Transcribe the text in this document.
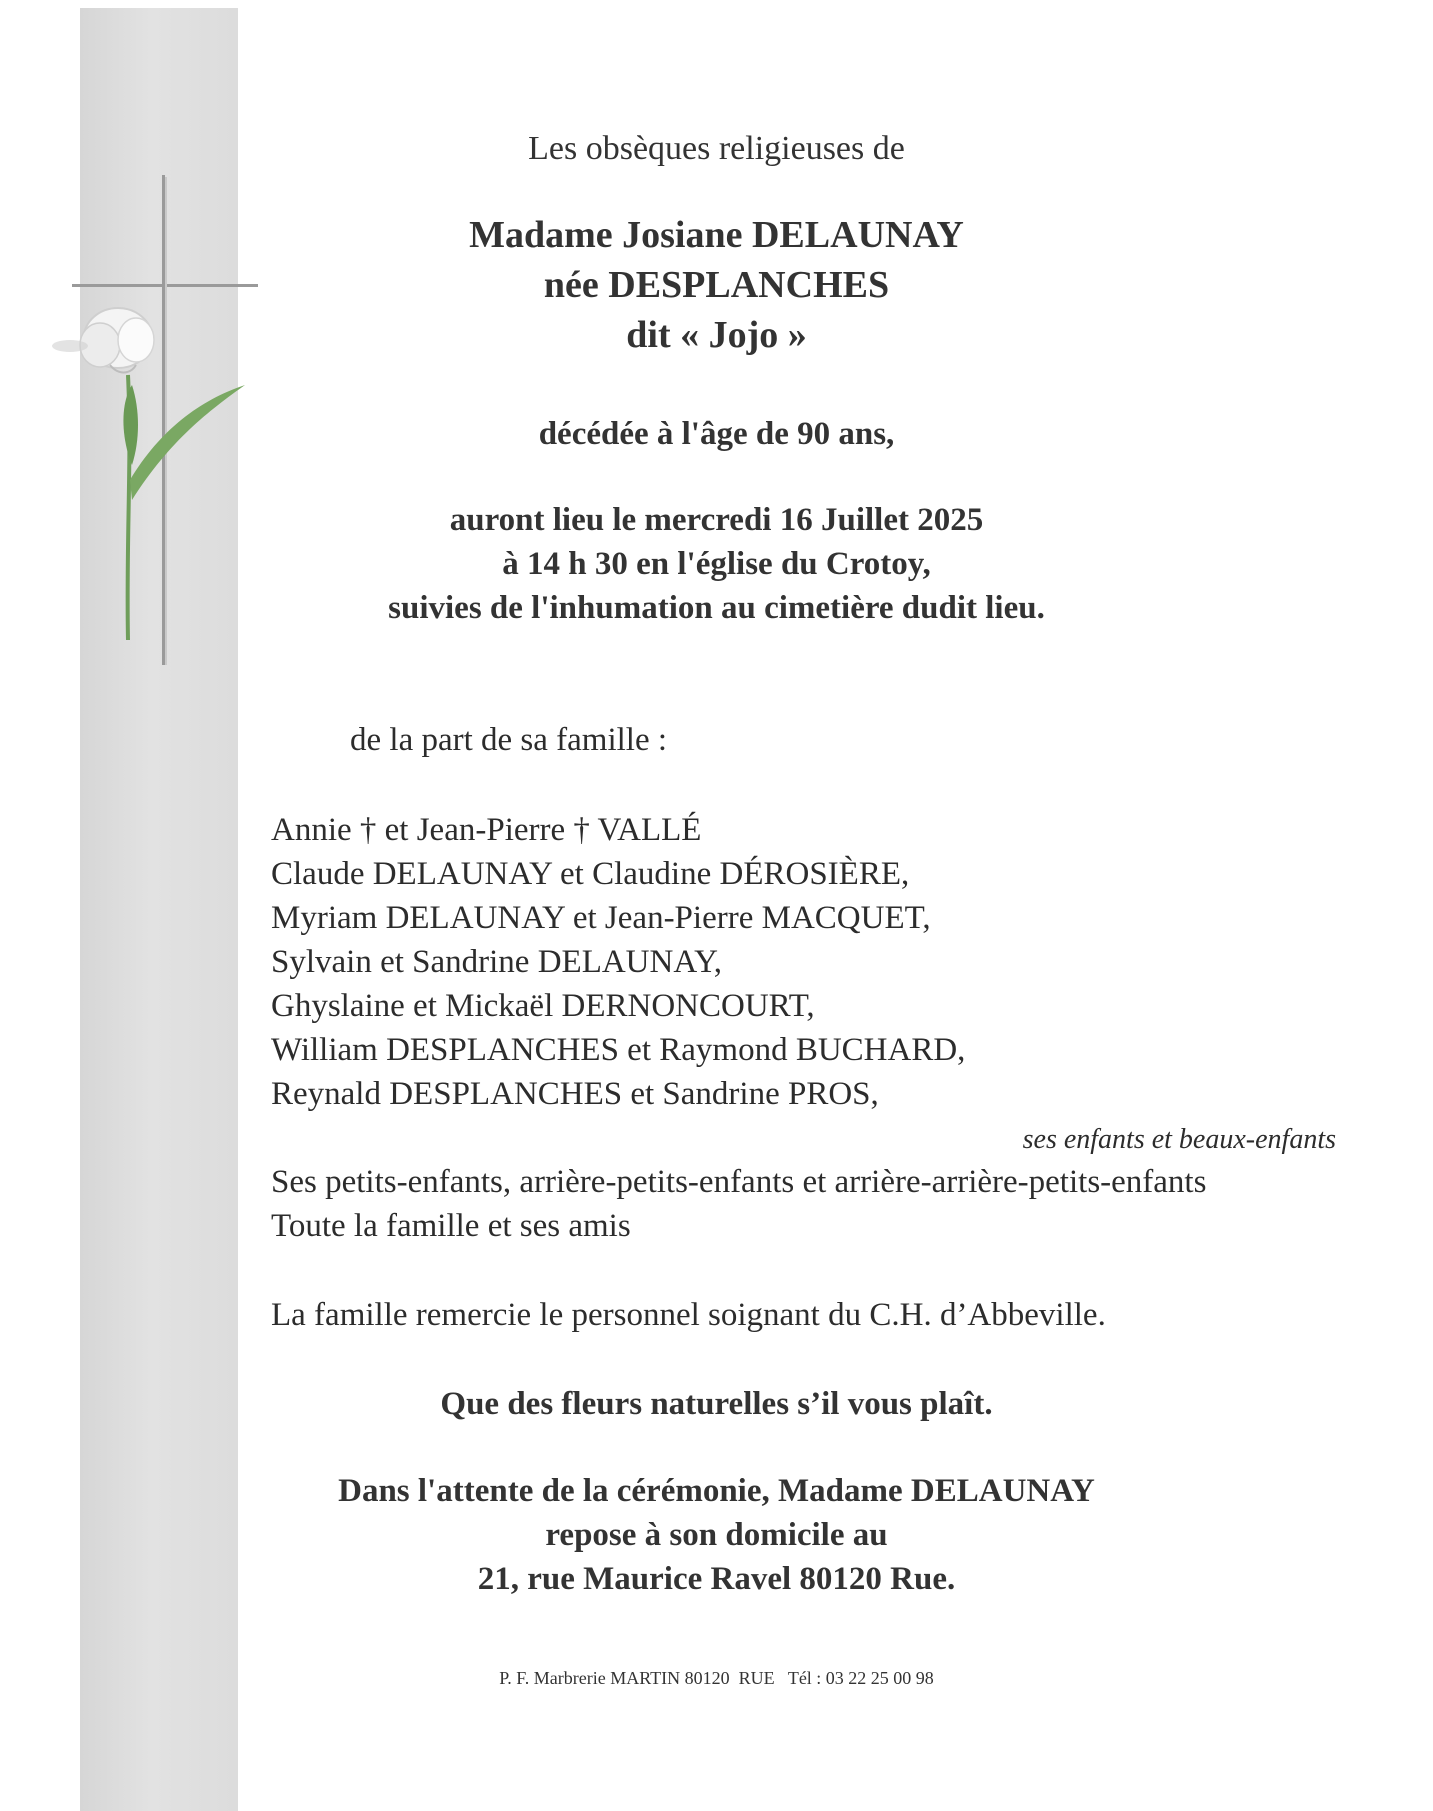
Les obsèques religieuses de
Madame Josiane DELAUNAY
née DESPLANCHES
dit « Jojo »
décédée à l'âge de 90 ans,
auront lieu le mercredi 16 Juillet 2025
à 14 h 30 en l'église du Crotoy,
suivies de l'inhumation au cimetière dudit lieu.
de la part de sa famille :
Annie † et Jean-Pierre † VALLÉ
Claude DELAUNAY et Claudine DÉROSIÈRE,
Myriam DELAUNAY et Jean-Pierre MACQUET,
Sylvain et Sandrine DELAUNAY,
Ghyslaine et Mickaël DERNONCOURT,
William DESPLANCHES et Raymond BUCHARD,
Reynald DESPLANCHES et Sandrine PROS,
ses enfants et beaux-enfants
Ses petits-enfants, arrière-petits-enfants et arrière-arrière-petits-enfants
Toute la famille et ses amis
La famille remercie le personnel soignant du C.H. d’Abbeville.
Que des fleurs naturelles s’il vous plaît.
Dans l'attente de la cérémonie, Madame DELAUNAY
repose à son domicile au
21, rue Maurice Ravel 80120 Rue.
P. F. Marbrerie MARTIN 80120  RUE   Tél : 03 22 25 00 98
